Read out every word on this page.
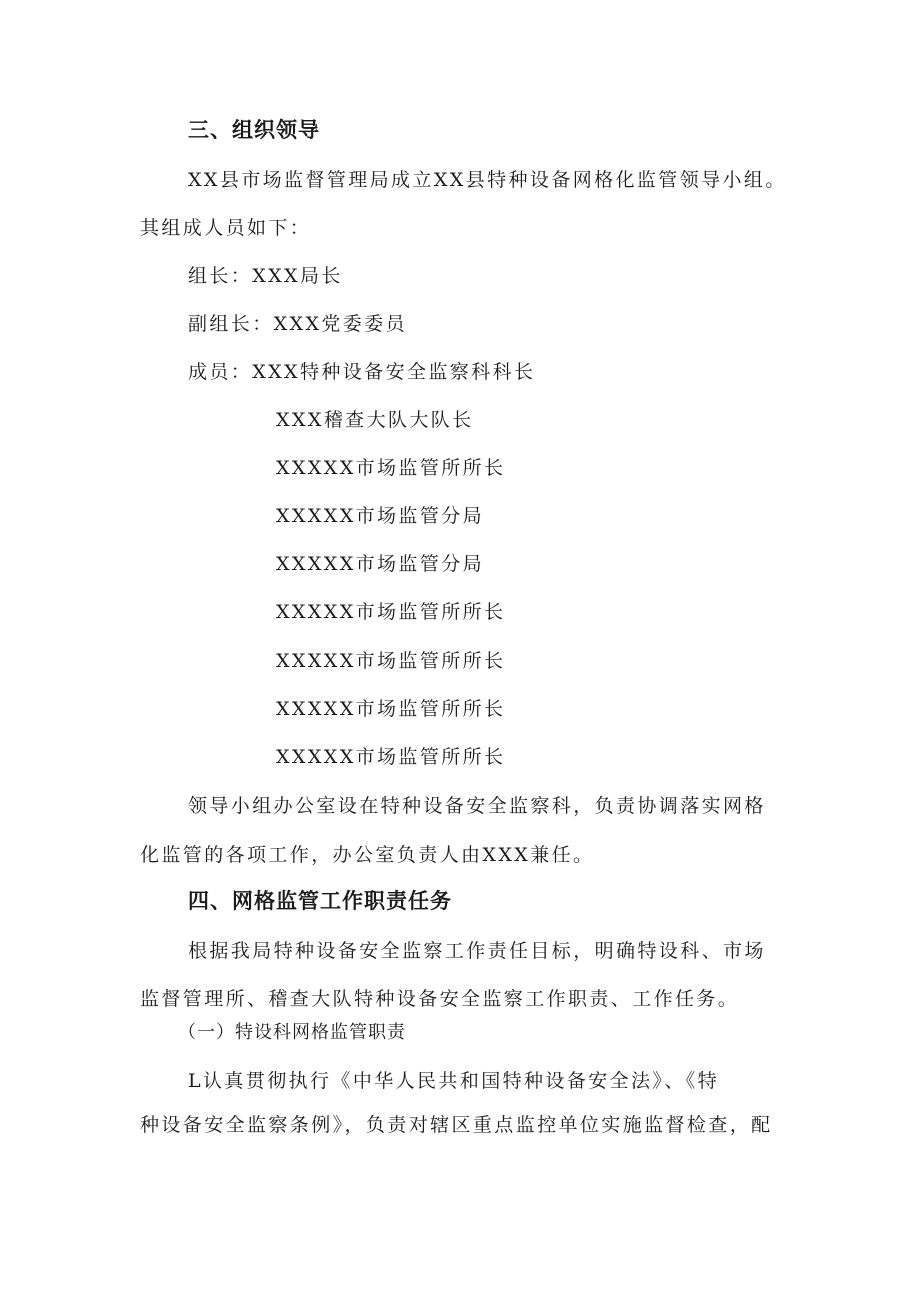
三、组织领导
XX县市场监督管理局成立XX县特种设备网格化监管领导小组。
其组成人员如下：
组长：XXX局长
副组长：XXX党委委员
成员：XXX特种设备安全监察科科长
XXX稽查大队大队长
XXXXX市场监管所所长
XXXXX市场监管分局
XXXXX市场监管分局
XXXXX市场监管所所长
XXXXX市场监管所所长
XXXXX市场监管所所长
XXXXX市场监管所所长
领导小组办公室设在特种设备安全监察科，负责协调落实网格
化监管的各项工作，办公室负责人由XXX兼任。
四、网格监管工作职责任务
根据我局特种设备安全监察工作责任目标，明确特设科、市场
监督管理所、稽查大队特种设备安全监察工作职责、工作任务。
（一）特设科网格监管职责
L认真贯彻执行《中华人民共和国特种设备安全法》、《特
种设备安全监察条例》，负责对辖区重点监控单位实施监督检查，配
